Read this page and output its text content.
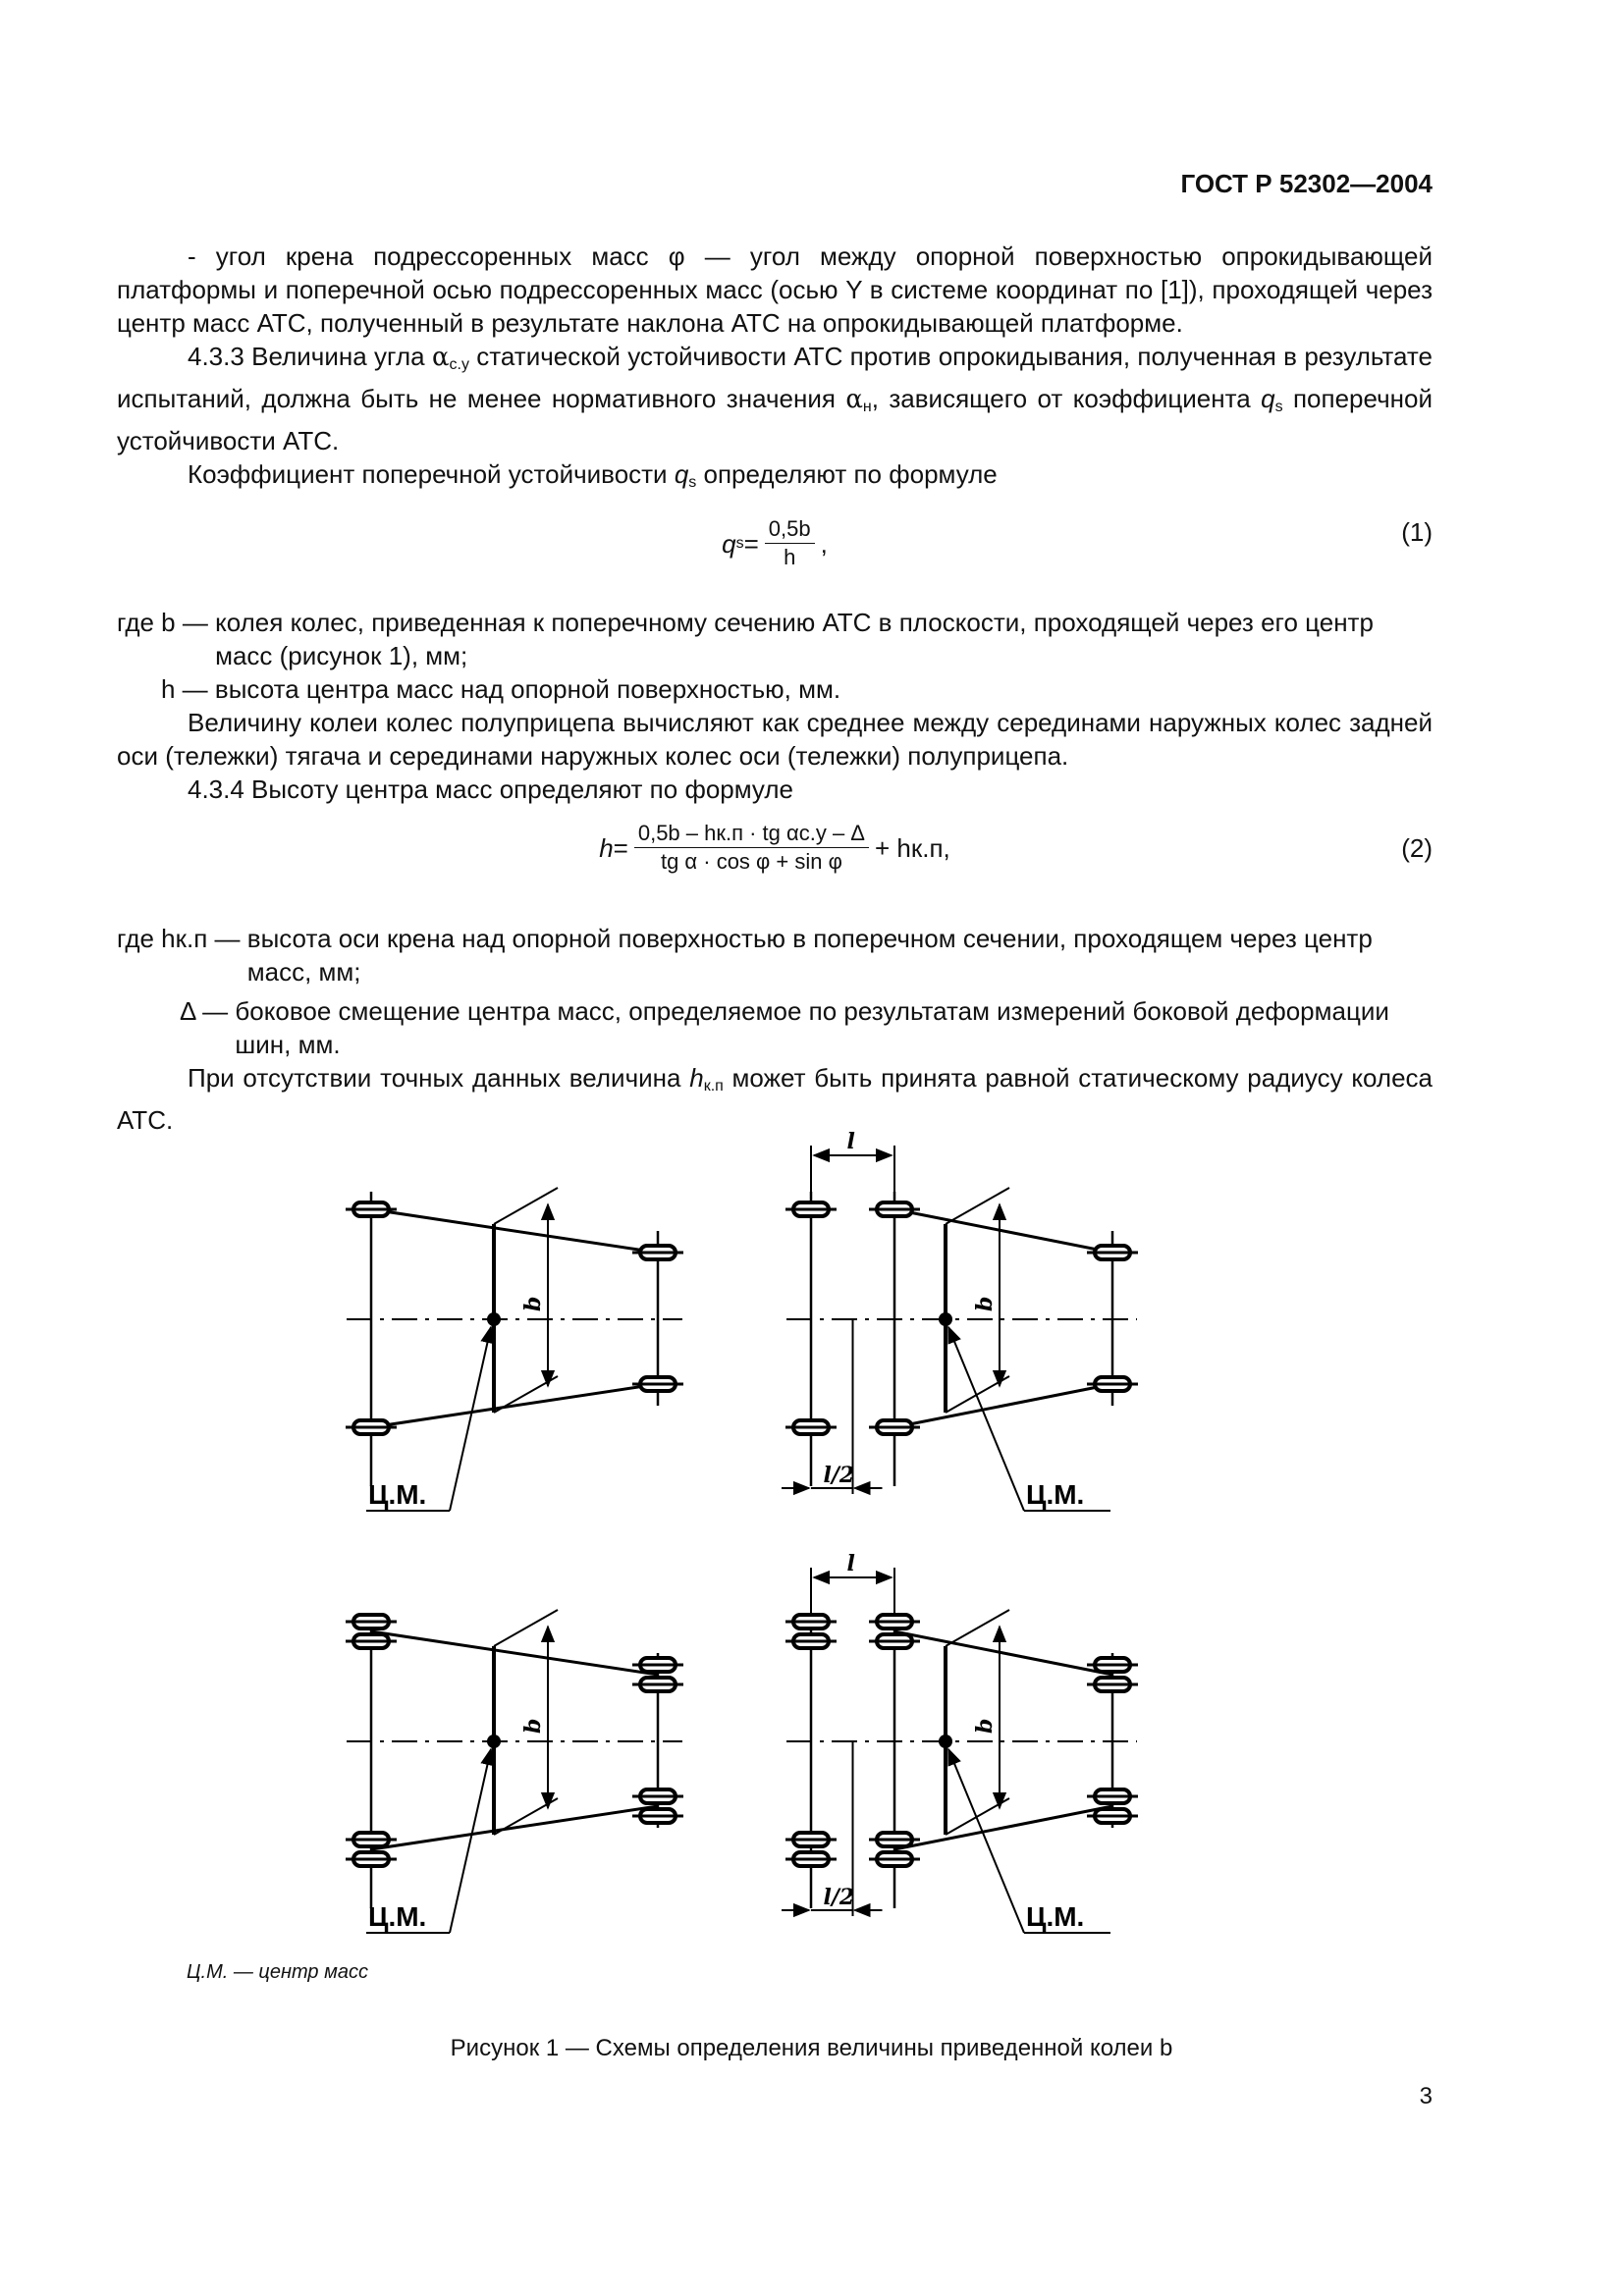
ГОСТ Р 52302—2004

- угол крена подрессоренных масс φ — угол между опорной поверхностью опрокидывающей платформы и поперечной осью подрессоренных масс (осью Y в системе координат по [1]), проходящей через центр масс АТС, полученный в результате наклона АТС на опрокидывающей платформе.

4.3.3 Величина угла $\alpha_{с.у}$ статической устойчивости АТС против опрокидывания, полученная в результате испытаний, должна быть не менее нормативного значения $\alpha_н$, зависящего от коэффициента $q_s$ поперечной устойчивости АТС.

Коэффициент поперечной устойчивости $q_s$ определяют по формуле

q $s = \frac{0,5b}{h}$ ,	(1)
где b — колея колес, приведенная к поперечному сечению АТС в плоскости, проходящей через его центр масс (рисунок 1), мм;
h — высота центра масс над опорной поверхностью, мм.

Величину колеи колес полуприцепа вычисляют как среднее между серединами наружных колес задней оси (тележки) тягача и серединами наружных колес оси (тележки) полуприцепа.

4.3.4 Высоту центра масс определяют по формуле

$h = \frac{\text{0,5b – hк.п · tg αс.у – Δ}}{\text{tg α · cos φ + sin φ}} + hк.п$,	(2)
где hк.п — высота оси крена над опорной поверхностью в поперечном сечении, проходящем через центр масс, мм;
Δ — боковое смещение центра масс, определяемое по результатам измерений боковой деформации шин, мм.

При отсутствии точных данных величина $h_{к.п}$ может быть принята равной статическому радиусу колеса АТС.

Ц.М. — центр масс
Рисунок 1 — Схемы определения величины приведенной колеи b
3
b
Ц.М.
b
Ц.М.
l
l/2
b
Ц.М.
b
Ц.М.
l
l/2
